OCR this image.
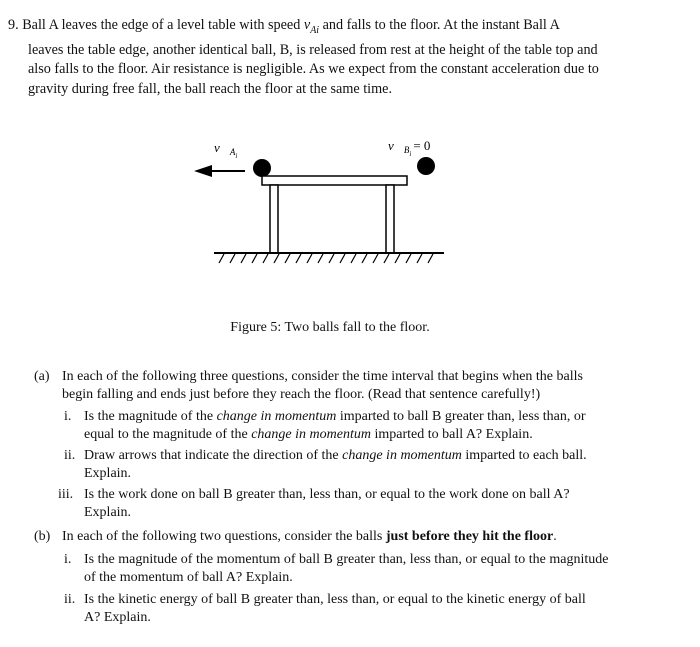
9. Ball A leaves the edge of a level table with speed $v_{Ai}$ and falls to the floor. At the instant Ball A
leaves the table edge, another identical ball, B, is released from rest at the height of the table top and
also falls to the floor. Air resistance is negligible. As we expect from the constant acceleration due to
gravity during free fall, the ball reach the floor at the same time.
$v⃗_{Ai}$
$v⃗_{Bi}= 0$
Figure 5: Two balls fall to the floor.
(a) In each of the following three questions, consider the time interval that begins when the balls
begin falling and ends just before they reach the floor. (Read that sentence carefully!)
i. Is the magnitude of the change in momentum imparted to ball B greater than, less than, or
equal to the magnitude of the change in momentum imparted to ball A? Explain.
ii. Draw arrows that indicate the direction of the change in momentum imparted to each ball.
Explain.
iii. Is the work done on ball B greater than, less than, or equal to the work done on ball A?
Explain.
(b) In each of the following two questions, consider the balls just before they hit the floor.
i. Is the magnitude of the momentum of ball B greater than, less than, or equal to the magnitude
of the momentum of ball A? Explain.
ii. Is the kinetic energy of ball B greater than, less than, or equal to the kinetic energy of ball
A? Explain.
